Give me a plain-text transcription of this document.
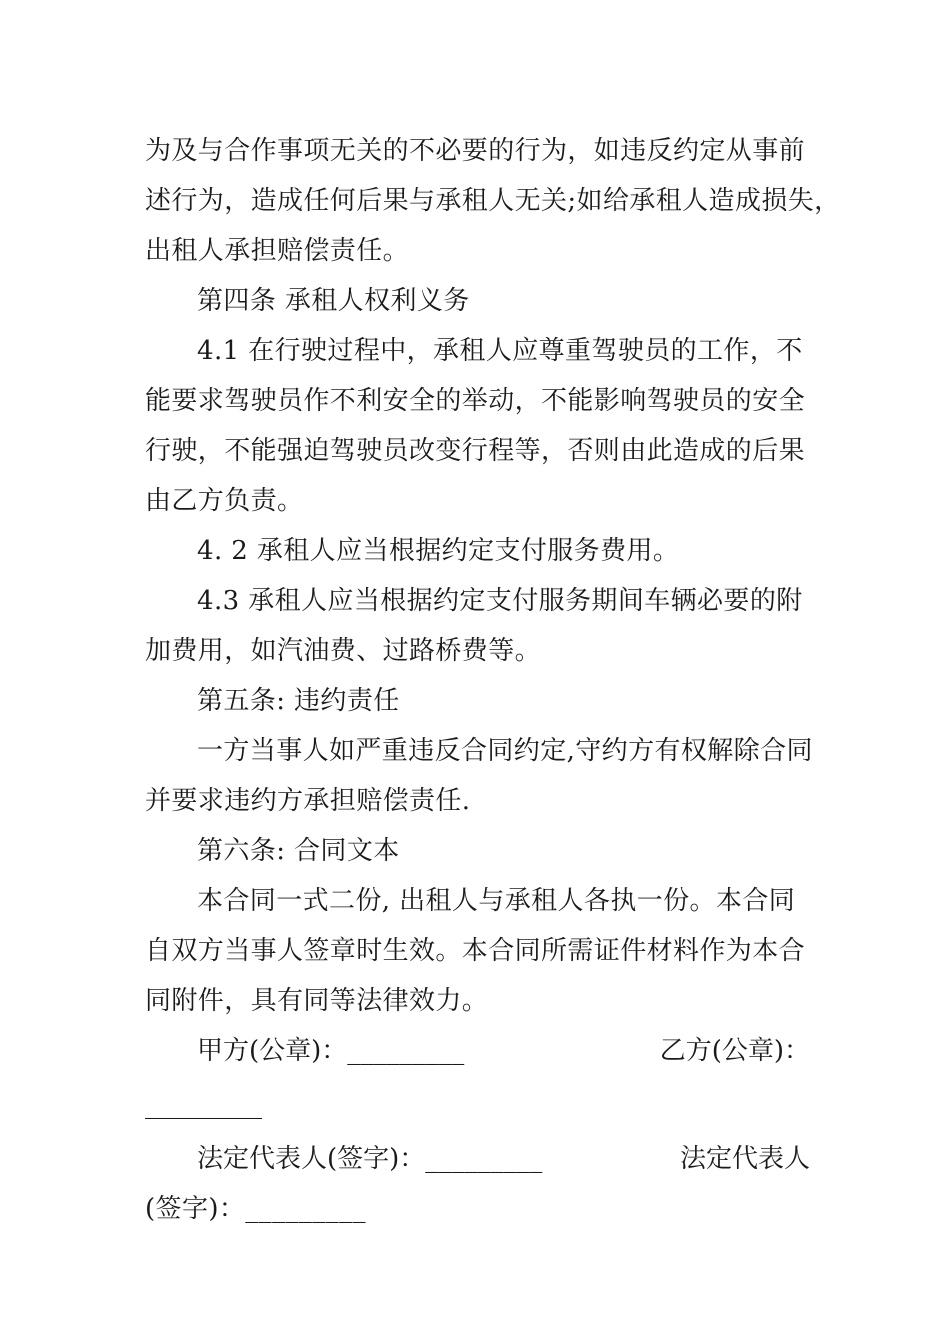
为及与合作事项无关的不必要的行为，如违反约定从事前
述行为，造成任何后果与承租人无关;如给承租人造成损失，
出租人承担赔偿责任。
第四条 承租人权利义务
4.1 在行驶过程中，承租人应尊重驾驶员的工作，不
能要求驾驶员作不利安全的举动，不能影响驾驶员的安全
行驶，不能强迫驾驶员改变行程等，否则由此造成的后果
由乙方负责。
4. 2 承租人应当根据约定支付服务费用。
4.3 承租人应当根据约定支付服务期间车辆必要的附
加费用，如汽油费、过路桥费等。
第五条: 违约责任
一方当事人如严重违反合同约定,守约方有权解除合同
并要求违约方承担赔偿责任.
第六条: 合同文本
本合同一式二份, 出租人与承租人各执一份。本合同
自双方当事人签章时生效。本合同所需证件材料作为本合
同附件，具有同等法律效力。
甲方(公章)：_________	乙方(公章)：
_________
法定代表人(签字)：_________	法定代表人
(签字)：_________
